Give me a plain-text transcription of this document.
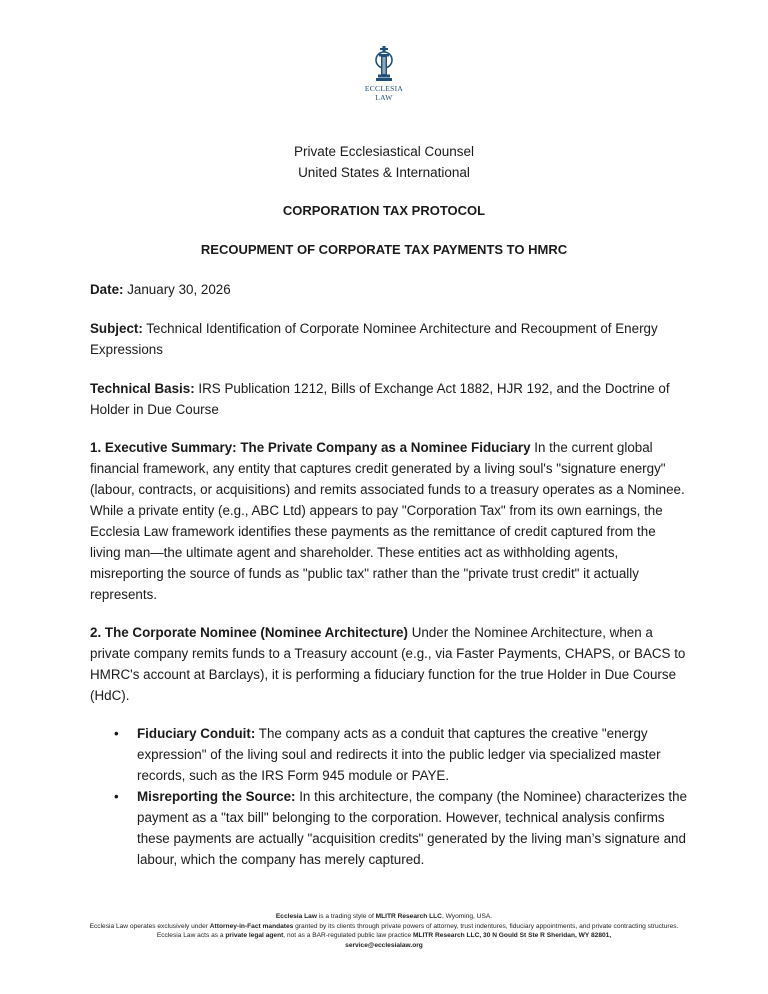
ECCLESIA
LAW
Private Ecclesiastical Counsel
United States & International
CORPORATION TAX PROTOCOL
RECOUPMENT OF CORPORATE TAX PAYMENTS TO HMRC
Date: January 30, 2026
Subject: Technical Identification of Corporate Nominee Architecture and Recoupment of Energy Expressions
Technical Basis: IRS Publication 1212, Bills of Exchange Act 1882, HJR 192, and the Doctrine of Holder in Due Course
1. Executive Summary: The Private Company as a Nominee Fiduciary In the current global financial framework, any entity that captures credit generated by a living soul's "signature energy" (labour, contracts, or acquisitions) and remits associated funds to a treasury operates as a Nominee. While a private entity (e.g., ABC Ltd) appears to pay "Corporation Tax" from its own earnings, the Ecclesia Law framework identifies these payments as the remittance of credit captured from the living man—the ultimate agent and shareholder. These entities act as withholding agents, misreporting the source of funds as "public tax" rather than the "private trust credit" it actually represents.
2. The Corporate Nominee (Nominee Architecture) Under the Nominee Architecture, when a private company remits funds to a Treasury account (e.g., via Faster Payments, CHAPS, or BACS to HMRC's account at Barclays), it is performing a fiduciary function for the true Holder in Due Course (HdC).
• Fiduciary Conduit: The company acts as a conduit that captures the creative "energy expression" of the living soul and redirects it into the public ledger via specialized master records, such as the IRS Form 945 module or PAYE.
• Misreporting the Source: In this architecture, the company (the Nominee) characterizes the payment as a "tax bill" belonging to the corporation. However, technical analysis confirms these payments are actually "acquisition credits" generated by the living man’s signature and labour, which the company has merely captured.
Ecclesia Law is a trading style of MLITR Research LLC, Wyoming, USA.
Ecclesia Law operates exclusively under Attorney-in-Fact mandates granted by its clients through private powers of attorney, trust indentures, fiduciary appointments, and private contracting structures. Ecclesia Law acts as a private legal agent, not as a BAR-regulated public law practice MLITR Research LLC, 30 N Gould St Ste R Sheridan, WY 82801,
service@ecclesialaw.org
